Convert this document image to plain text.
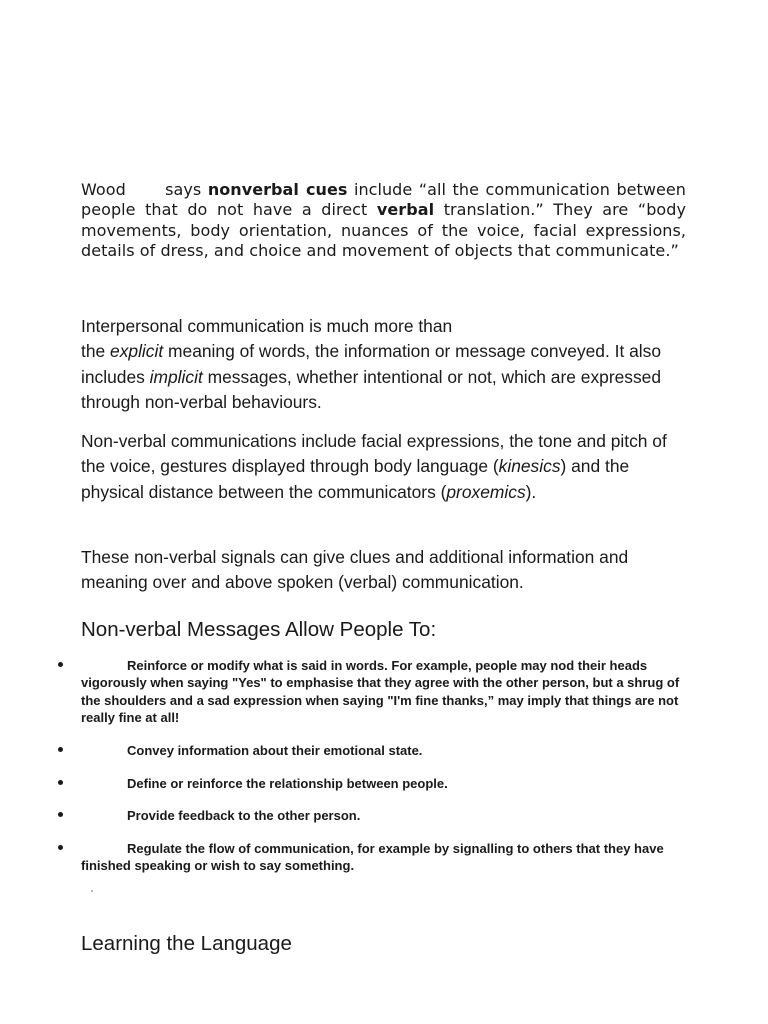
Wood says nonverbal cues include “all the communication between people that do not have a direct verbal translation.” They are “body movements, body orientation, nuances of the voice, facial expressions, details of dress, and choice and movement of objects that communicate.”

Interpersonal communication is much more than
the explicit meaning of words, the information or message conveyed. It also includes implicit messages, whether intentional or not, which are expressed through non-verbal behaviours.

Non-verbal communications include facial expressions, the tone and pitch of the voice, gestures displayed through body language (kinesics) and the physical distance between the communicators (proxemics).

These non-verbal signals can give clues and additional information and meaning over and above spoken (verbal) communication.

Non-verbal Messages Allow People To:

Reinforce or modify what is said in words. For example, people may nod their heads vigorously when saying "Yes" to emphasise that they agree with the other person, but a shrug of the shoulders and a sad expression when saying "I'm fine thanks,” may imply that things are not really fine at all!

Convey information about their emotional state.

Define or reinforce the relationship between people.

Provide feedback to the other person.

Regulate the flow of communication, for example by signalling to others that they have finished speaking or wish to say something.

Learning the Language
